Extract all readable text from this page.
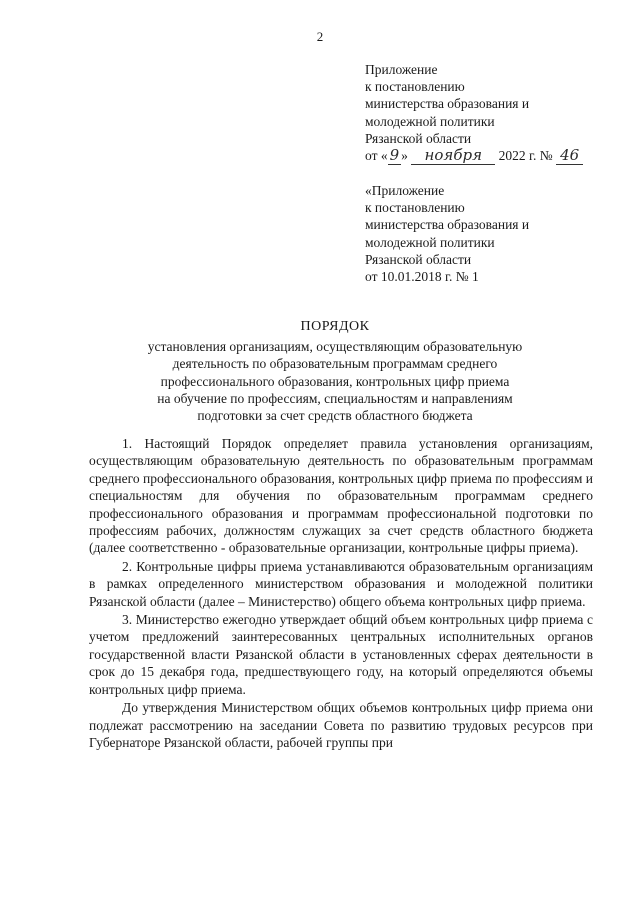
2
Приложение
к постановлению
министерства образования и
молодежной политики
Рязанской области
от « 9 » ноября 2022 г. № 46
«Приложение
к постановлению
министерства образования и
молодежной политики
Рязанской области
от 10.01.2018 г. № 1
ПОРЯДОК
установления организациям, осуществляющим образовательную
деятельность по образовательным программам среднего
профессионального образования, контрольных цифр приема
на обучение по профессиям, специальностям и направлениям
подготовки за счет средств областного бюджета

1. Настоящий Порядок определяет правила установления организациям, осуществляющим образовательную деятельность по образовательным программам среднего профессионального образования, контрольных цифр приема по профессиям и специальностям для обучения по образовательным программам среднего профессионального образования и программам профессиональной подготовки по профессиям рабочих, должностям служащих за счет средств областного бюджета (далее соответственно - образовательные организации, контрольные цифры приема).

2. Контрольные цифры приема устанавливаются образовательным организациям в рамках определенного министерством образования и молодежной политики Рязанской области (далее – Министерство) общего объема контрольных цифр приема.

3. Министерство ежегодно утверждает общий объем контрольных цифр приема с учетом предложений заинтересованных центральных исполнительных органов государственной власти Рязанской области в установленных сферах деятельности в срок до 15 декабря года, предшествующего году, на который определяются объемы контрольных цифр приема.

До утверждения Министерством общих объемов контрольных цифр приема они подлежат рассмотрению на заседании Совета по развитию трудовых ресурсов при Губернаторе Рязанской области, рабочей группы при
